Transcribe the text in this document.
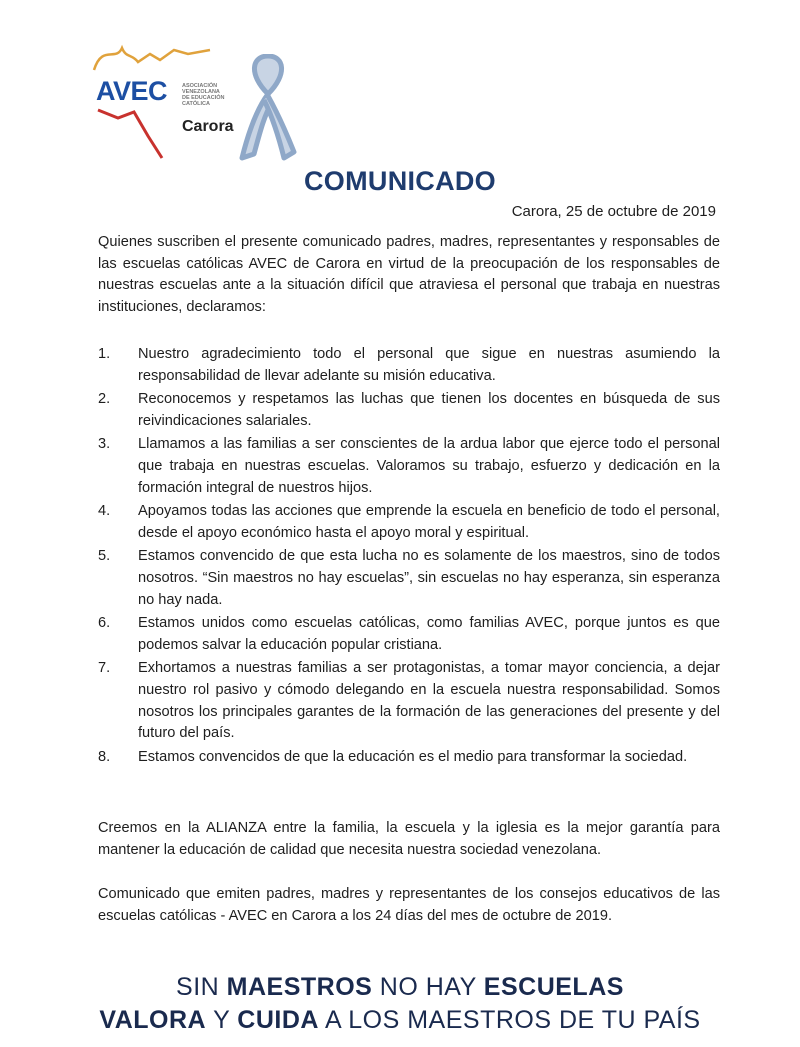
AVEC	ASOCIACIÓN
VENEZOLANA
DE EDUCACIÓN
CATÓLICA
Carora
COMUNICADO
Carora, 25 de octubre de 2019
Quienes suscriben el presente comunicado padres, madres, representantes y responsables de las escuelas católicas AVEC de Carora en virtud de la preocupación de los responsables de nuestras escuelas ante a la situación difícil que atraviesa el personal que trabaja en nuestras instituciones, declaramos:
1. Nuestro agradecimiento todo el personal que sigue en nuestras asumiendo la responsabilidad de llevar adelante su misión educativa.
2. Reconocemos y respetamos las luchas que tienen los docentes en búsqueda de sus reivindicaciones salariales.
3. Llamamos a las familias a ser conscientes de la ardua labor que ejerce todo el personal que trabaja en nuestras escuelas. Valoramos su trabajo, esfuerzo y dedicación en la formación integral de nuestros hijos.
4. Apoyamos todas las acciones que emprende la escuela en beneficio de todo el personal, desde el apoyo económico hasta el apoyo moral y espiritual.
5. Estamos convencido de que esta lucha no es solamente de los maestros, sino de todos nosotros. “Sin maestros no hay escuelas”, sin escuelas no hay esperanza, sin esperanza no hay nada.
6. Estamos unidos como escuelas católicas, como familias AVEC, porque juntos es que podemos salvar la educación popular cristiana.
7. Exhortamos a nuestras familias a ser protagonistas, a tomar mayor conciencia, a dejar nuestro rol pasivo y cómodo delegando en la escuela nuestra responsabilidad. Somos nosotros los principales garantes de la formación de las generaciones del presente y del futuro del país.
8. Estamos convencidos de que la educación es el medio para transformar la sociedad.
Creemos en la ALIANZA entre la familia, la escuela y la iglesia es la mejor garantía para mantener la educación de calidad que necesita nuestra sociedad venezolana.
Comunicado que emiten padres, madres y representantes de los consejos educativos de las escuelas católicas - AVEC en Carora a los 24 días del mes de octubre de 2019.
SIN MAESTROS NO HAY ESCUELAS
VALORA Y CUIDA A LOS MAESTROS DE TU PAÍS
